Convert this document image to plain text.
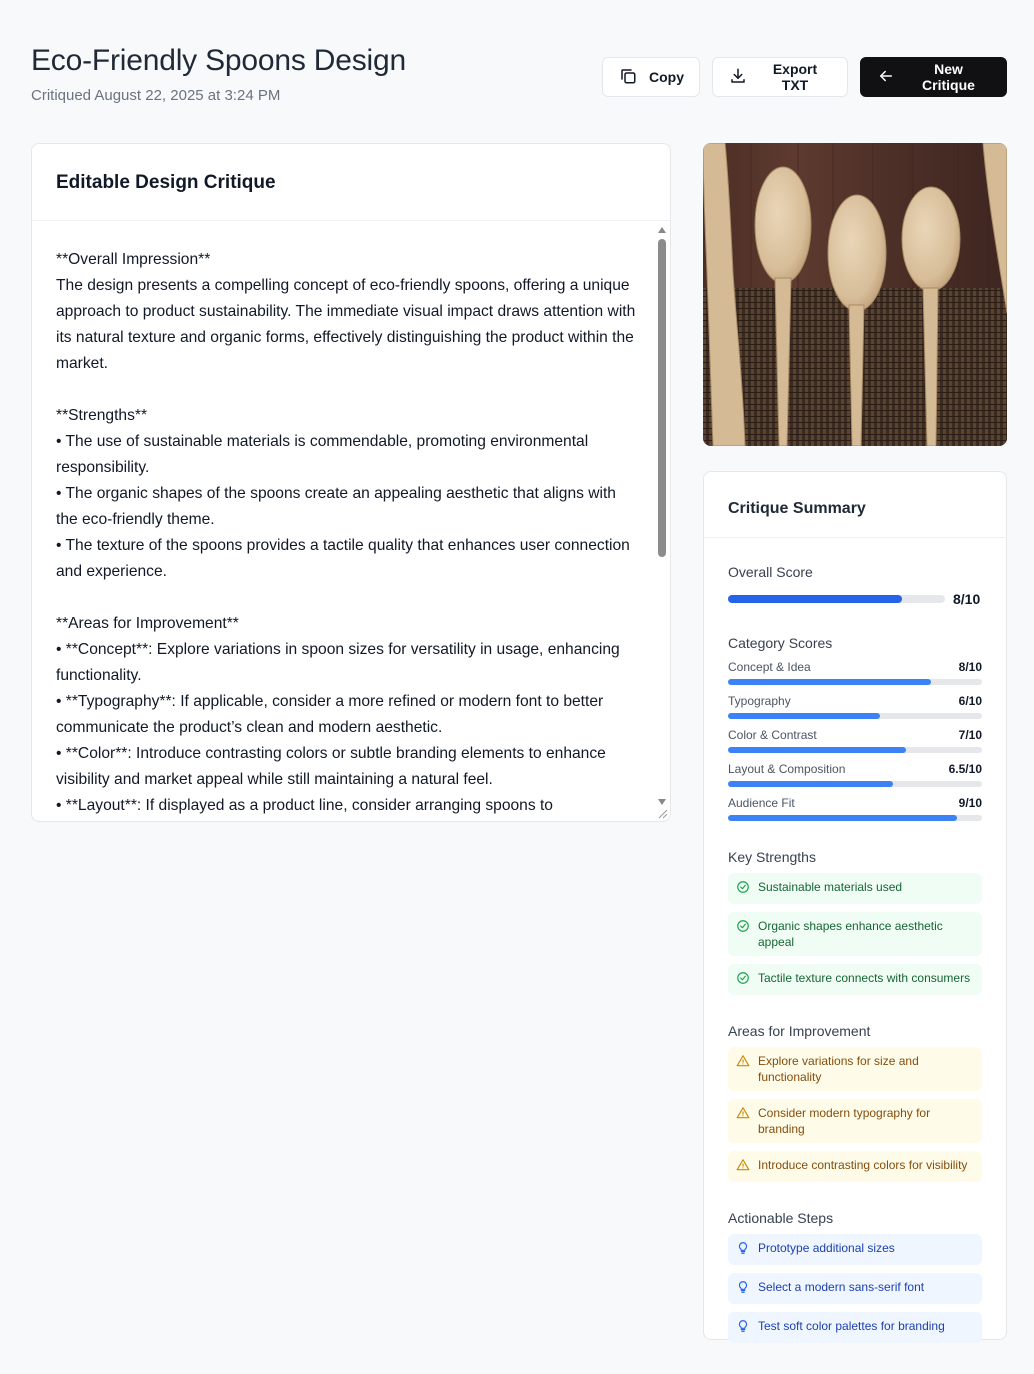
Eco-Friendly Spoons Design

Critiqued August 22, 2025 at 3:24 PM

Copy	Export TXT
New Critique
Editable Design Critique
**Overall Impression**
The design presents a compelling concept of eco-friendly spoons, offering a unique approach to product sustainability. The immediate visual impact draws attention with its natural texture and organic forms, effectively distinguishing the product within the market.

**Strengths**
• The use of sustainable materials is commendable, promoting environmental responsibility.
• The organic shapes of the spoons create an appealing aesthetic that aligns with the eco-friendly theme.
• The texture of the spoons provides a tactile quality that enhances user connection and experience.

**Areas for Improvement**
• **Concept**: Explore variations in spoon sizes for versatility in usage, enhancing functionality.
• **Typography**: If applicable, consider a more refined or modern font to better communicate the product’s clean and modern aesthetic.
• **Color**: Introduce contrasting colors or subtle branding elements to enhance visibility and market appeal while still maintaining a natural feel.
• **Layout**: If displayed as a product line, consider arranging spoons to
Critique Summary
Overall Score
8/10
Category Scores
Concept & Idea	8/10
Typography	6/10
Color & Contrast	7/10
Layout & Composition	6.5/10
Audience Fit	9/10
Key Strengths
Sustainable materials used
Organic shapes enhance aesthetic appeal
Tactile texture connects with consumers
Areas for Improvement
Explore variations for size and functionality
Consider modern typography for branding
Introduce contrasting colors for visibility
Actionable Steps
Prototype additional sizes
Select a modern sans-serif font
Test soft color palettes for branding
